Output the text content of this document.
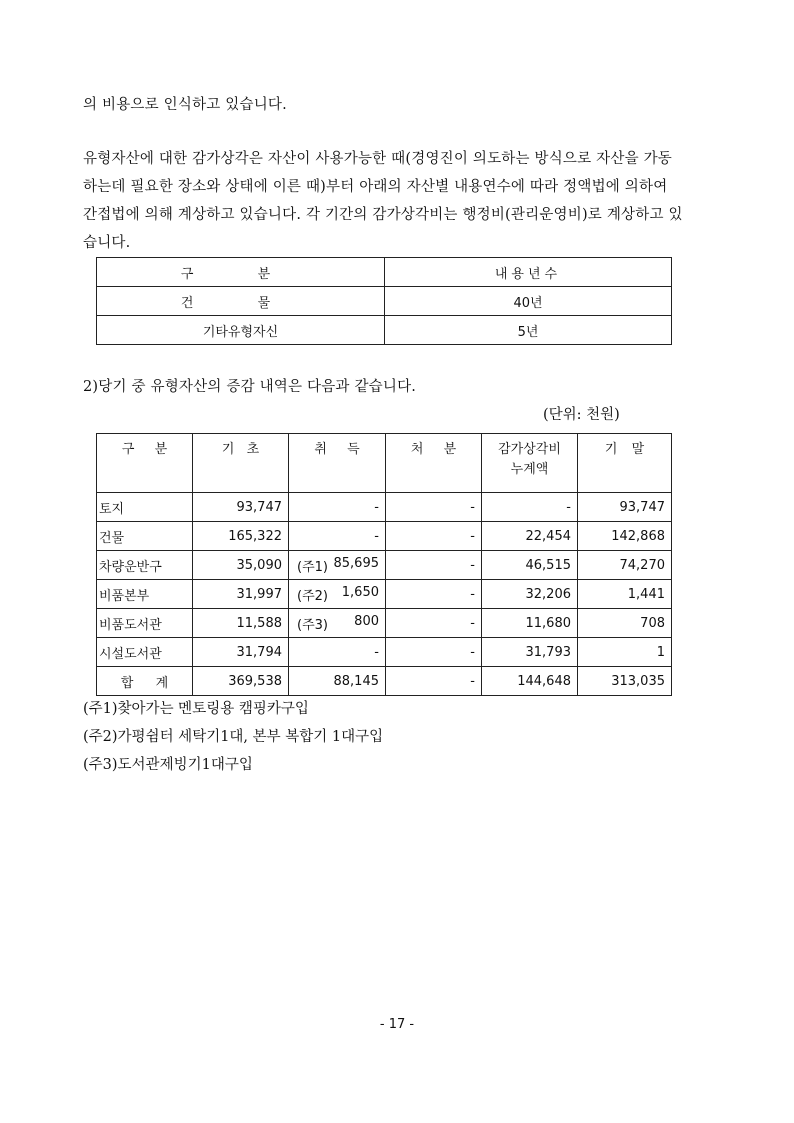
의 비용으로 인식하고 있습니다.

유형자산에 대한 감가상각은 자산이 사용가능한 때(경영진이 의도하는 방식으로 자산을 가동하는데 필요한 장소와 상태에 이른 때)부터 아래의 자산별 내용연수에 따라 정액법에 의하여 간접법에 의해 계상하고 있습니다. 각 기간의 감가상각비는 행정비(관리운영비)로 계상하고 있습니다.

구 분	내용년수
건 물	40년
기타유형자신	5년

2)당기 중 유형자산의 증감 내역은 다음과 같습니다.

(단위: 천원)
구 분	기 초	취 득	처 분	감가상각비 누계액	기 말
토지	93,747	-	-	-	93,747
건물	165,322	-	-	22,454	142,868
차량운반구	35,090	(주1) 85,695	-	46,515	74,270
비품본부	31,997	(주2) 1,650	-	32,206	1,441
비품도서관	11,588	(주3) 800	-	11,680	708
시설도서관	31,794	-	-	31,793	1
합 계	369,538	88,145	-	144,648	313,035
(주1)찾아가는 멘토링용 캠핑카구입
(주2)가평쉼터 세탁기1대, 본부 복합기 1대구입
(주3)도서관제빙기1대구입
- 17 -
